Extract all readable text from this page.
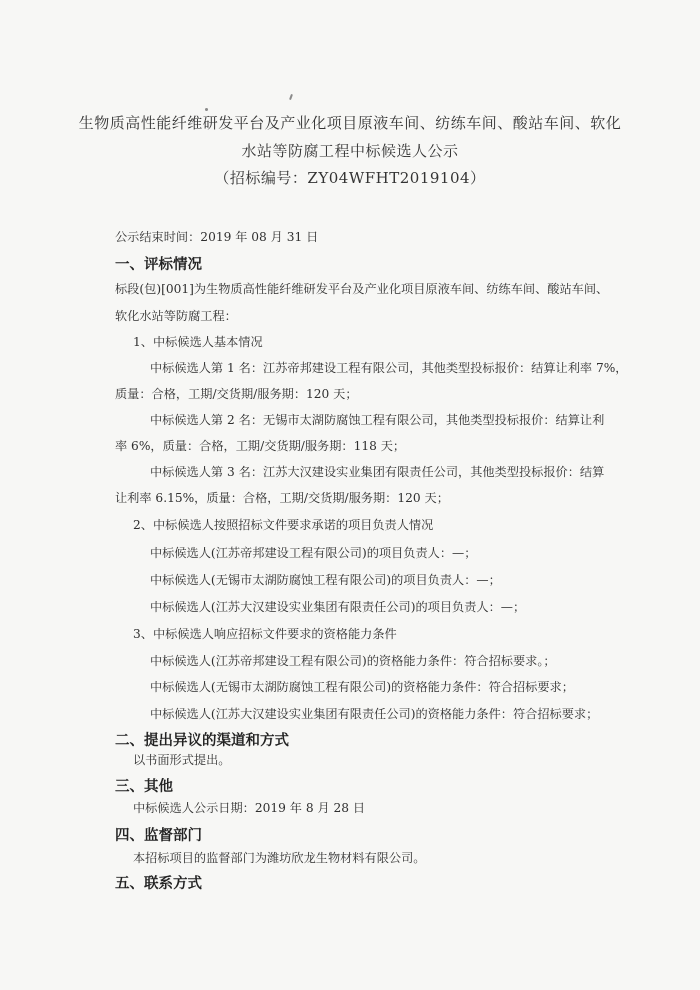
生物质高性能纤维研发平台及产业化项目原液车间、纺练车间、酸站车间、软化
水站等防腐工程中标候选人公示
（招标编号：ZY04WFHT2019104）
公示结束时间：2019 年 08 月 31 日
一、评标情况
标段(包)[001]为生物质高性能纤维研发平台及产业化项目原液车间、纺练车间、酸站车间、
软化水站等防腐工程：
1、中标候选人基本情况
中标候选人第 1 名：江苏帝邦建设工程有限公司，其他类型投标报价：结算让利率 7%，
质量：合格，工期/交货期/服务期：120 天；
中标候选人第 2 名：无锡市太湖防腐蚀工程有限公司，其他类型投标报价：结算让利
率 6%，质量：合格，工期/交货期/服务期：118 天；
中标候选人第 3 名：江苏大汉建设实业集团有限责任公司，其他类型投标报价：结算
让利率 6.15%，质量：合格，工期/交货期/服务期：120 天；
2、中标候选人按照招标文件要求承诺的项目负责人情况
中标候选人(江苏帝邦建设工程有限公司)的项目负责人：—；
中标候选人(无锡市太湖防腐蚀工程有限公司)的项目负责人：—；
中标候选人(江苏大汉建设实业集团有限责任公司)的项目负责人：—；
3、中标候选人响应招标文件要求的资格能力条件
中标候选人(江苏帝邦建设工程有限公司)的资格能力条件：符合招标要求。；
中标候选人(无锡市太湖防腐蚀工程有限公司)的资格能力条件：符合招标要求；
中标候选人(江苏大汉建设实业集团有限责任公司)的资格能力条件：符合招标要求；
二、提出异议的渠道和方式
以书面形式提出。
三、其他
中标候选人公示日期：2019 年 8 月 28 日
四、监督部门
本招标项目的监督部门为潍坊欣龙生物材料有限公司。
五、联系方式
